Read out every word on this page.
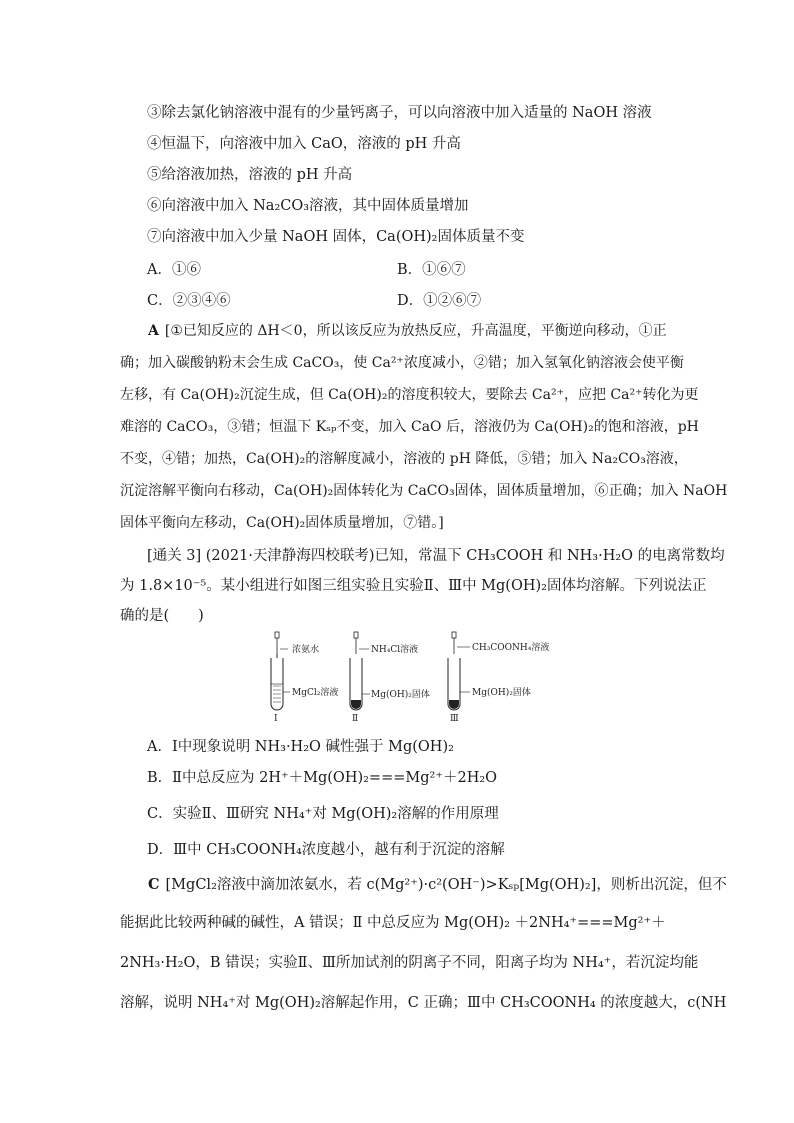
③除去氯化钠溶液中混有的少量钙离子，可以向溶液中加入适量的 NaOH 溶液
④恒温下，向溶液中加入 CaO，溶液的 pH 升高
⑤给溶液加热，溶液的 pH 升高
⑥向溶液中加入 Na₂CO₃溶液，其中固体质量增加
⑦向溶液中加入少量 NaOH 固体，Ca(OH)₂固体质量不变
A．①⑥	B．①⑥⑦
C．②③④⑥	D．①②⑥⑦
A [①已知反应的 ΔH＜0，所以该反应为放热反应，升高温度，平衡逆向移动，①正
确；加入碳酸钠粉末会生成 CaCO₃，使 Ca²⁺浓度减小，②错；加入氢氧化钠溶液会使平衡
左移，有 Ca(OH)₂沉淀生成，但 Ca(OH)₂的溶度积较大，要除去 Ca²⁺，应把 Ca²⁺转化为更
难溶的 CaCO₃，③错；恒温下 Kₛₚ不变，加入 CaO 后，溶液仍为 Ca(OH)₂的饱和溶液，pH
不变，④错；加热，Ca(OH)₂的溶解度减小，溶液的 pH 降低，⑤错；加入 Na₂CO₃溶液，
沉淀溶解平衡向右移动，Ca(OH)₂固体转化为 CaCO₃固体，固体质量增加，⑥正确；加入 NaOH
固体平衡向左移动，Ca(OH)₂固体质量增加，⑦错。]
[通关 3] (2021·天津静海四校联考)已知，常温下 CH₃COOH 和 NH₃·H₂O 的电离常数均
为 1.8×10⁻⁵。某小组进行如图三组实验且实验Ⅱ、Ⅲ中 Mg(OH)₂固体均溶解。下列说法正
确的是(　　)
浓氨水
MgCl₂溶液
Ⅰ
NH₄Cl溶液
Mg(OH)₂固体
Ⅱ
CH₃COONH₄溶液
Mg(OH)₂固体
Ⅲ
A．Ⅰ中现象说明 NH₃·H₂O 碱性强于 Mg(OH)₂
B．Ⅱ中总反应为 2H⁺＋Mg(OH)₂===Mg²⁺＋2H₂O
C．实验Ⅱ、Ⅲ研究 NH₄⁺对 Mg(OH)₂溶解的作用原理
D．Ⅲ中 CH₃COONH₄浓度越小，越有利于沉淀的溶解
C [MgCl₂溶液中滴加浓氨水，若 c(Mg²⁺)·c²(OH⁻)>Kₛₚ[Mg(OH)₂]，则析出沉淀，但不
能据此比较两种碱的碱性，A 错误；Ⅱ 中总反应为 Mg(OH)₂ ＋2NH₄⁺===Mg²⁺＋
2NH₃·H₂O，B 错误；实验Ⅱ、Ⅲ所加试剂的阴离子不同，阳离子均为 NH₄⁺，若沉淀均能
溶解，说明 NH₄⁺对 Mg(OH)₂溶解起作用，C 正确；Ⅲ中 CH₃COONH₄ 的浓度越大，c(NH
